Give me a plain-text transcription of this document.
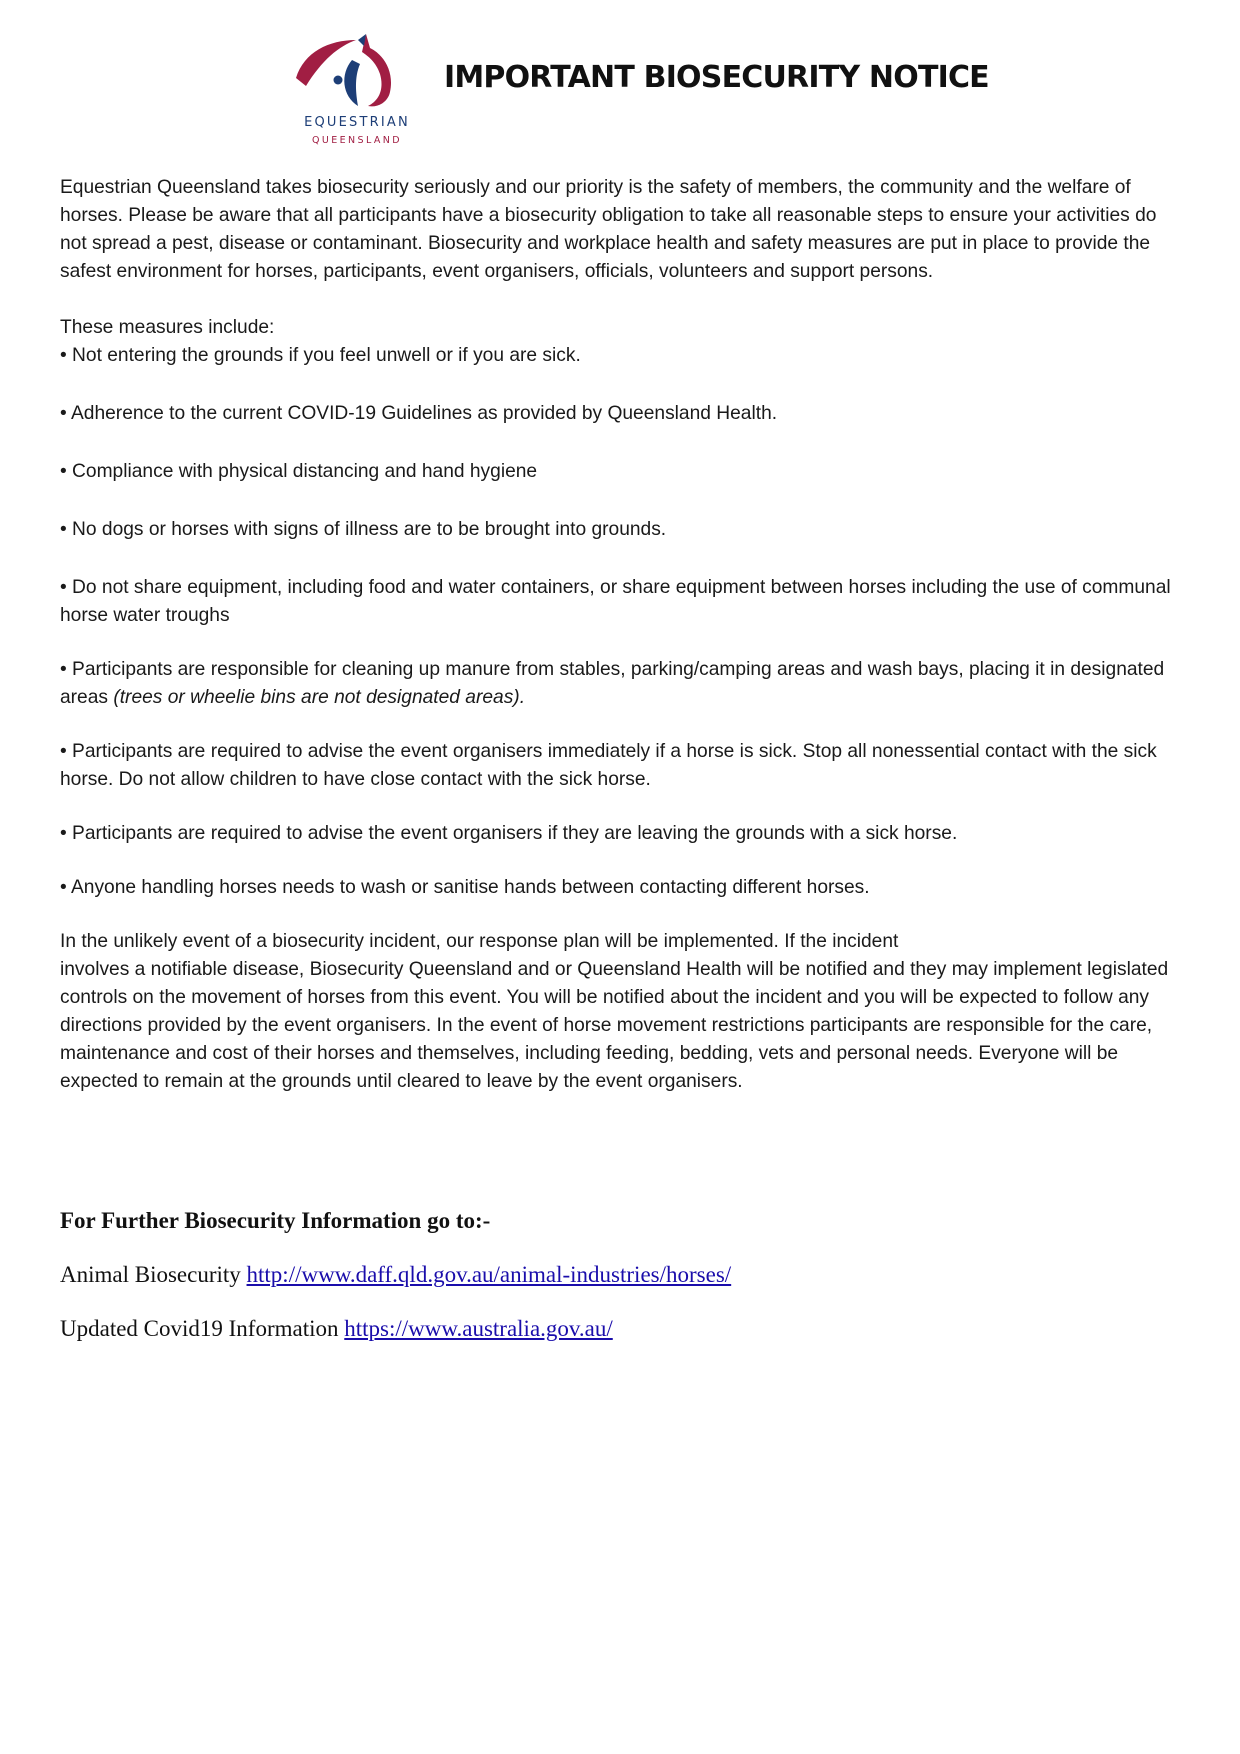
EQUESTRIAN
QUEENSLAND
IMPORTANT BIOSECURITY NOTICE

Equestrian Queensland takes biosecurity seriously and our priority is the safety of members, the community and the welfare of horses. Please be aware that all participants have a biosecurity obligation to take all reasonable steps to ensure your activities do not spread a pest, disease or contaminant. Biosecurity and workplace health and safety measures are put in place to provide the safest environment for horses, participants, event organisers, officials, volunteers and support persons.

These measures include:

• Not entering the grounds if you feel unwell or if you are sick.

• Adherence to the current COVID-19 Guidelines as provided by Queensland Health.

• Compliance with physical distancing and hand hygiene

• No dogs or horses with signs of illness are to be brought into grounds.

• Do not share equipment, including food and water containers, or share equipment between horses including the use of communal horse water troughs

• Participants are responsible for cleaning up manure from stables, parking/camping areas and wash bays, placing it in designated areas (trees or wheelie bins are not designated areas).

• Participants are required to advise the event organisers immediately if a horse is sick. Stop all nonessential contact with the sick horse. Do not allow children to have close contact with the sick horse.

• Participants are required to advise the event organisers if they are leaving the grounds with a sick horse.

• Anyone handling horses needs to wash or sanitise hands between contacting different horses.

In the unlikely event of a biosecurity incident, our response plan will be implemented. If the incident
involves a notifiable disease, Biosecurity Queensland and or Queensland Health will be notified and they may implement legislated controls on the movement of horses from this event. You will be notified about the incident and you will be expected to follow any directions provided by the event organisers. In the event of horse movement restrictions participants are responsible for the care, maintenance and cost of their horses and themselves, including feeding, bedding, vets and personal needs. Everyone will be expected to remain at the grounds until cleared to leave by the event organisers.

For Further Biosecurity Information go to:-
Animal Biosecurity http://www.daff.qld.gov.au/animal-industries/horses/
Updated Covid19 Information https://www.australia.gov.au/
